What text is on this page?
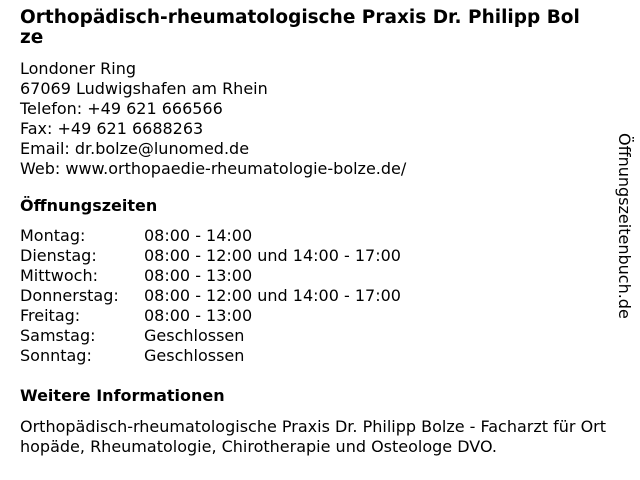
Orthopädisch-rheumatologische Praxis Dr. Philipp Bolze
Londoner Ring
67069 Ludwigshafen am Rhein
Telefon: +49 621 666566
Fax: +49 621 6688263
Email: dr.bolze@lunomed.de
Web: www.orthopaedie-rheumatologie-bolze.de/
Öffnungszeiten
Montag:	08:00 - 14:00
Dienstag:	08:00 - 12:00 und 14:00 - 17:00
Mittwoch:	08:00 - 13:00
Donnerstag:	08:00 - 12:00 und 14:00 - 17:00
Freitag:	08:00 - 13:00
Samstag:	Geschlossen
Sonntag:	Geschlossen
Weitere Informationen
Orthopädisch-rheumatologische Praxis Dr. Philipp Bolze - Facharzt für Orthopäde, Rheumatologie, Chirotherapie und Osteologe DVO.
Öffnungszeitenbuch.de
